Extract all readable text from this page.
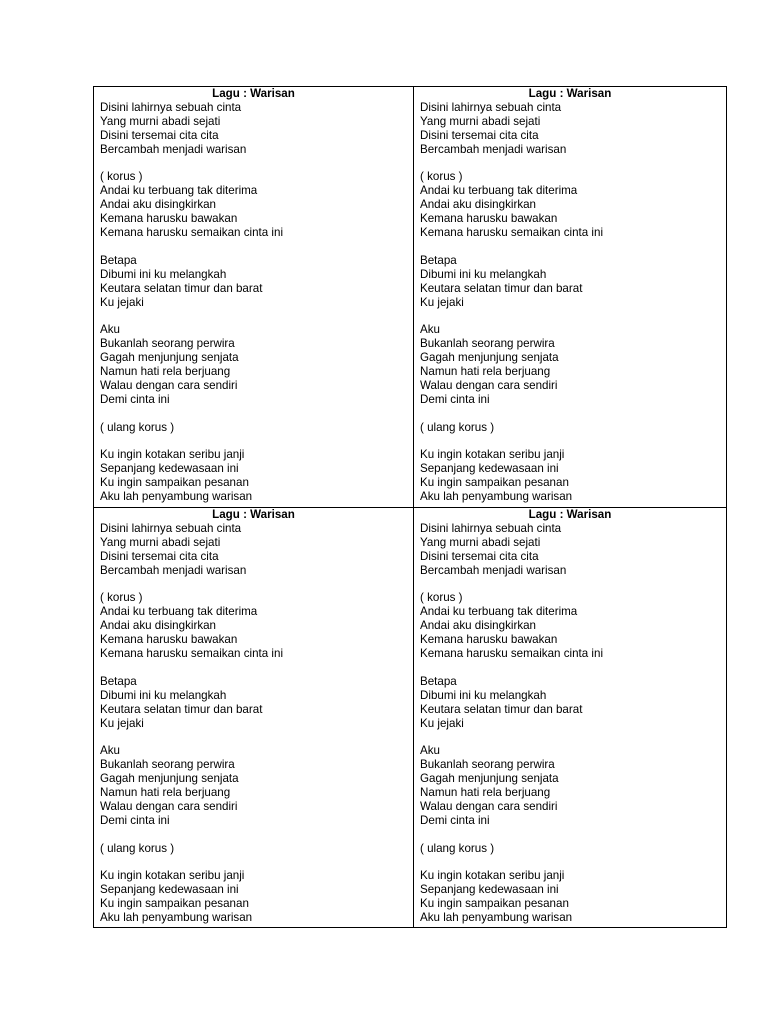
Lagu : Warisan
Disini lahirnya sebuah cinta
Yang murni abadi sejati
Disini tersemai cita cita
Bercambah menjadi warisan
( korus )
Andai ku terbuang tak diterima
Andai aku disingkirkan
Kemana harusku bawakan
Kemana harusku semaikan cinta ini
Betapa
Dibumi ini ku melangkah
Keutara selatan timur dan barat
Ku jejaki
Aku
Bukanlah seorang perwira
Gagah menjunjung senjata
Namun hati rela berjuang
Walau dengan cara sendiri
Demi cinta ini
( ulang korus )
Ku ingin kotakan seribu janji
Sepanjang kedewasaan ini
Ku ingin sampaikan pesanan
Aku lah penyambung warisan
Lagu : Warisan
Disini lahirnya sebuah cinta
Yang murni abadi sejati
Disini tersemai cita cita
Bercambah menjadi warisan
( korus )
Andai ku terbuang tak diterima
Andai aku disingkirkan
Kemana harusku bawakan
Kemana harusku semaikan cinta ini
Betapa
Dibumi ini ku melangkah
Keutara selatan timur dan barat
Ku jejaki
Aku
Bukanlah seorang perwira
Gagah menjunjung senjata
Namun hati rela berjuang
Walau dengan cara sendiri
Demi cinta ini
( ulang korus )
Ku ingin kotakan seribu janji
Sepanjang kedewasaan ini
Ku ingin sampaikan pesanan
Aku lah penyambung warisan
Lagu : Warisan
Disini lahirnya sebuah cinta
Yang murni abadi sejati
Disini tersemai cita cita
Bercambah menjadi warisan
( korus )
Andai ku terbuang tak diterima
Andai aku disingkirkan
Kemana harusku bawakan
Kemana harusku semaikan cinta ini
Betapa
Dibumi ini ku melangkah
Keutara selatan timur dan barat
Ku jejaki
Aku
Bukanlah seorang perwira
Gagah menjunjung senjata
Namun hati rela berjuang
Walau dengan cara sendiri
Demi cinta ini
( ulang korus )
Ku ingin kotakan seribu janji
Sepanjang kedewasaan ini
Ku ingin sampaikan pesanan
Aku lah penyambung warisan
Lagu : Warisan
Disini lahirnya sebuah cinta
Yang murni abadi sejati
Disini tersemai cita cita
Bercambah menjadi warisan
( korus )
Andai ku terbuang tak diterima
Andai aku disingkirkan
Kemana harusku bawakan
Kemana harusku semaikan cinta ini
Betapa
Dibumi ini ku melangkah
Keutara selatan timur dan barat
Ku jejaki
Aku
Bukanlah seorang perwira
Gagah menjunjung senjata
Namun hati rela berjuang
Walau dengan cara sendiri
Demi cinta ini
( ulang korus )
Ku ingin kotakan seribu janji
Sepanjang kedewasaan ini
Ku ingin sampaikan pesanan
Aku lah penyambung warisan
